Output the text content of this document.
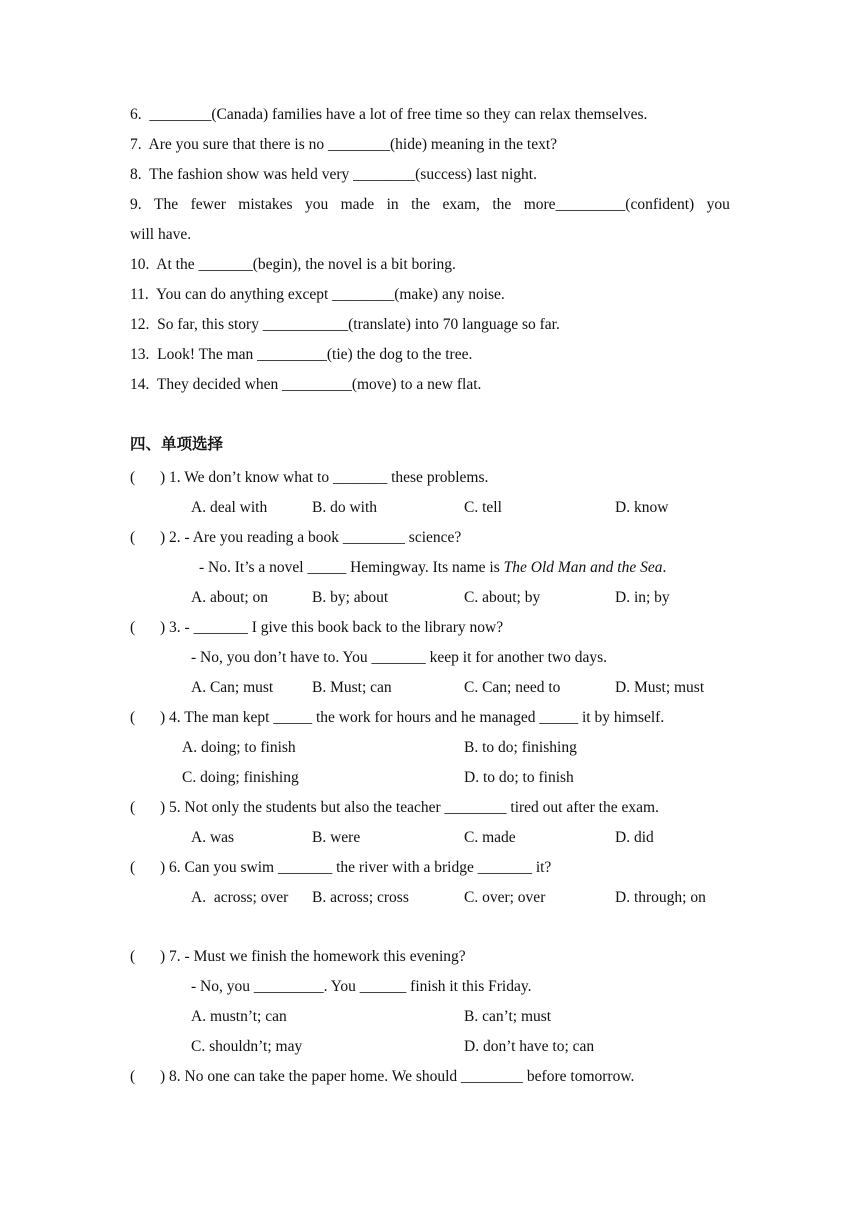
6.  ________(Canada) families have a lot of free time so they can relax themselves.
7.  Are you sure that there is no ________(hide) meaning in the text?
8.  The fashion show was held very ________(success) last night.
9. The fewer mistakes you made in the exam, the more_________(confident) you
will have.
10.  At the _______(begin), the novel is a bit boring.
11.  You can do anything except ________(make) any noise.
12.  So far, this story ___________(translate) into 70 language so far.
13.  Look! The man _________(tie) the dog to the tree.
14.  They decided when _________(move) to a new flat.
四、单项选择
( ) 1. We don’t know what to _______ these problems.
A. deal with	B. do with	C. tell	D. know
( ) 2. - Are you reading a book ________ science?
- No. It’s a novel _____ Hemingway. Its name is The Old Man and the Sea.
A. about; on	B. by; about	C. about; by	D. in; by
( ) 3. - _______ I give this book back to the library now?
- No, you don’t have to. You _______ keep it for another two days.
A. Can; must	B. Must; can	C. Can; need to	D. Must; must
( ) 4. The man kept _____ the work for hours and he managed _____ it by himself.
A. doing; to finish	B. to do; finishing
C. doing; finishing	D. to do; to finish
( ) 5. Not only the students but also the teacher ________ tired out after the exam.
A. was	B. were	C. made	D. did
( ) 6. Can you swim _______ the river with a bridge _______ it?
A.  across; over B. across; cross	C. over; over	D. through; on
( ) 7. - Must we finish the homework this evening?
- No, you _________. You ______ finish it this Friday.
A. mustn’t; can	B. can’t; must
C. shouldn’t; may	D. don’t have to; can
( ) 8. No one can take the paper home. We should ________ before tomorrow.
